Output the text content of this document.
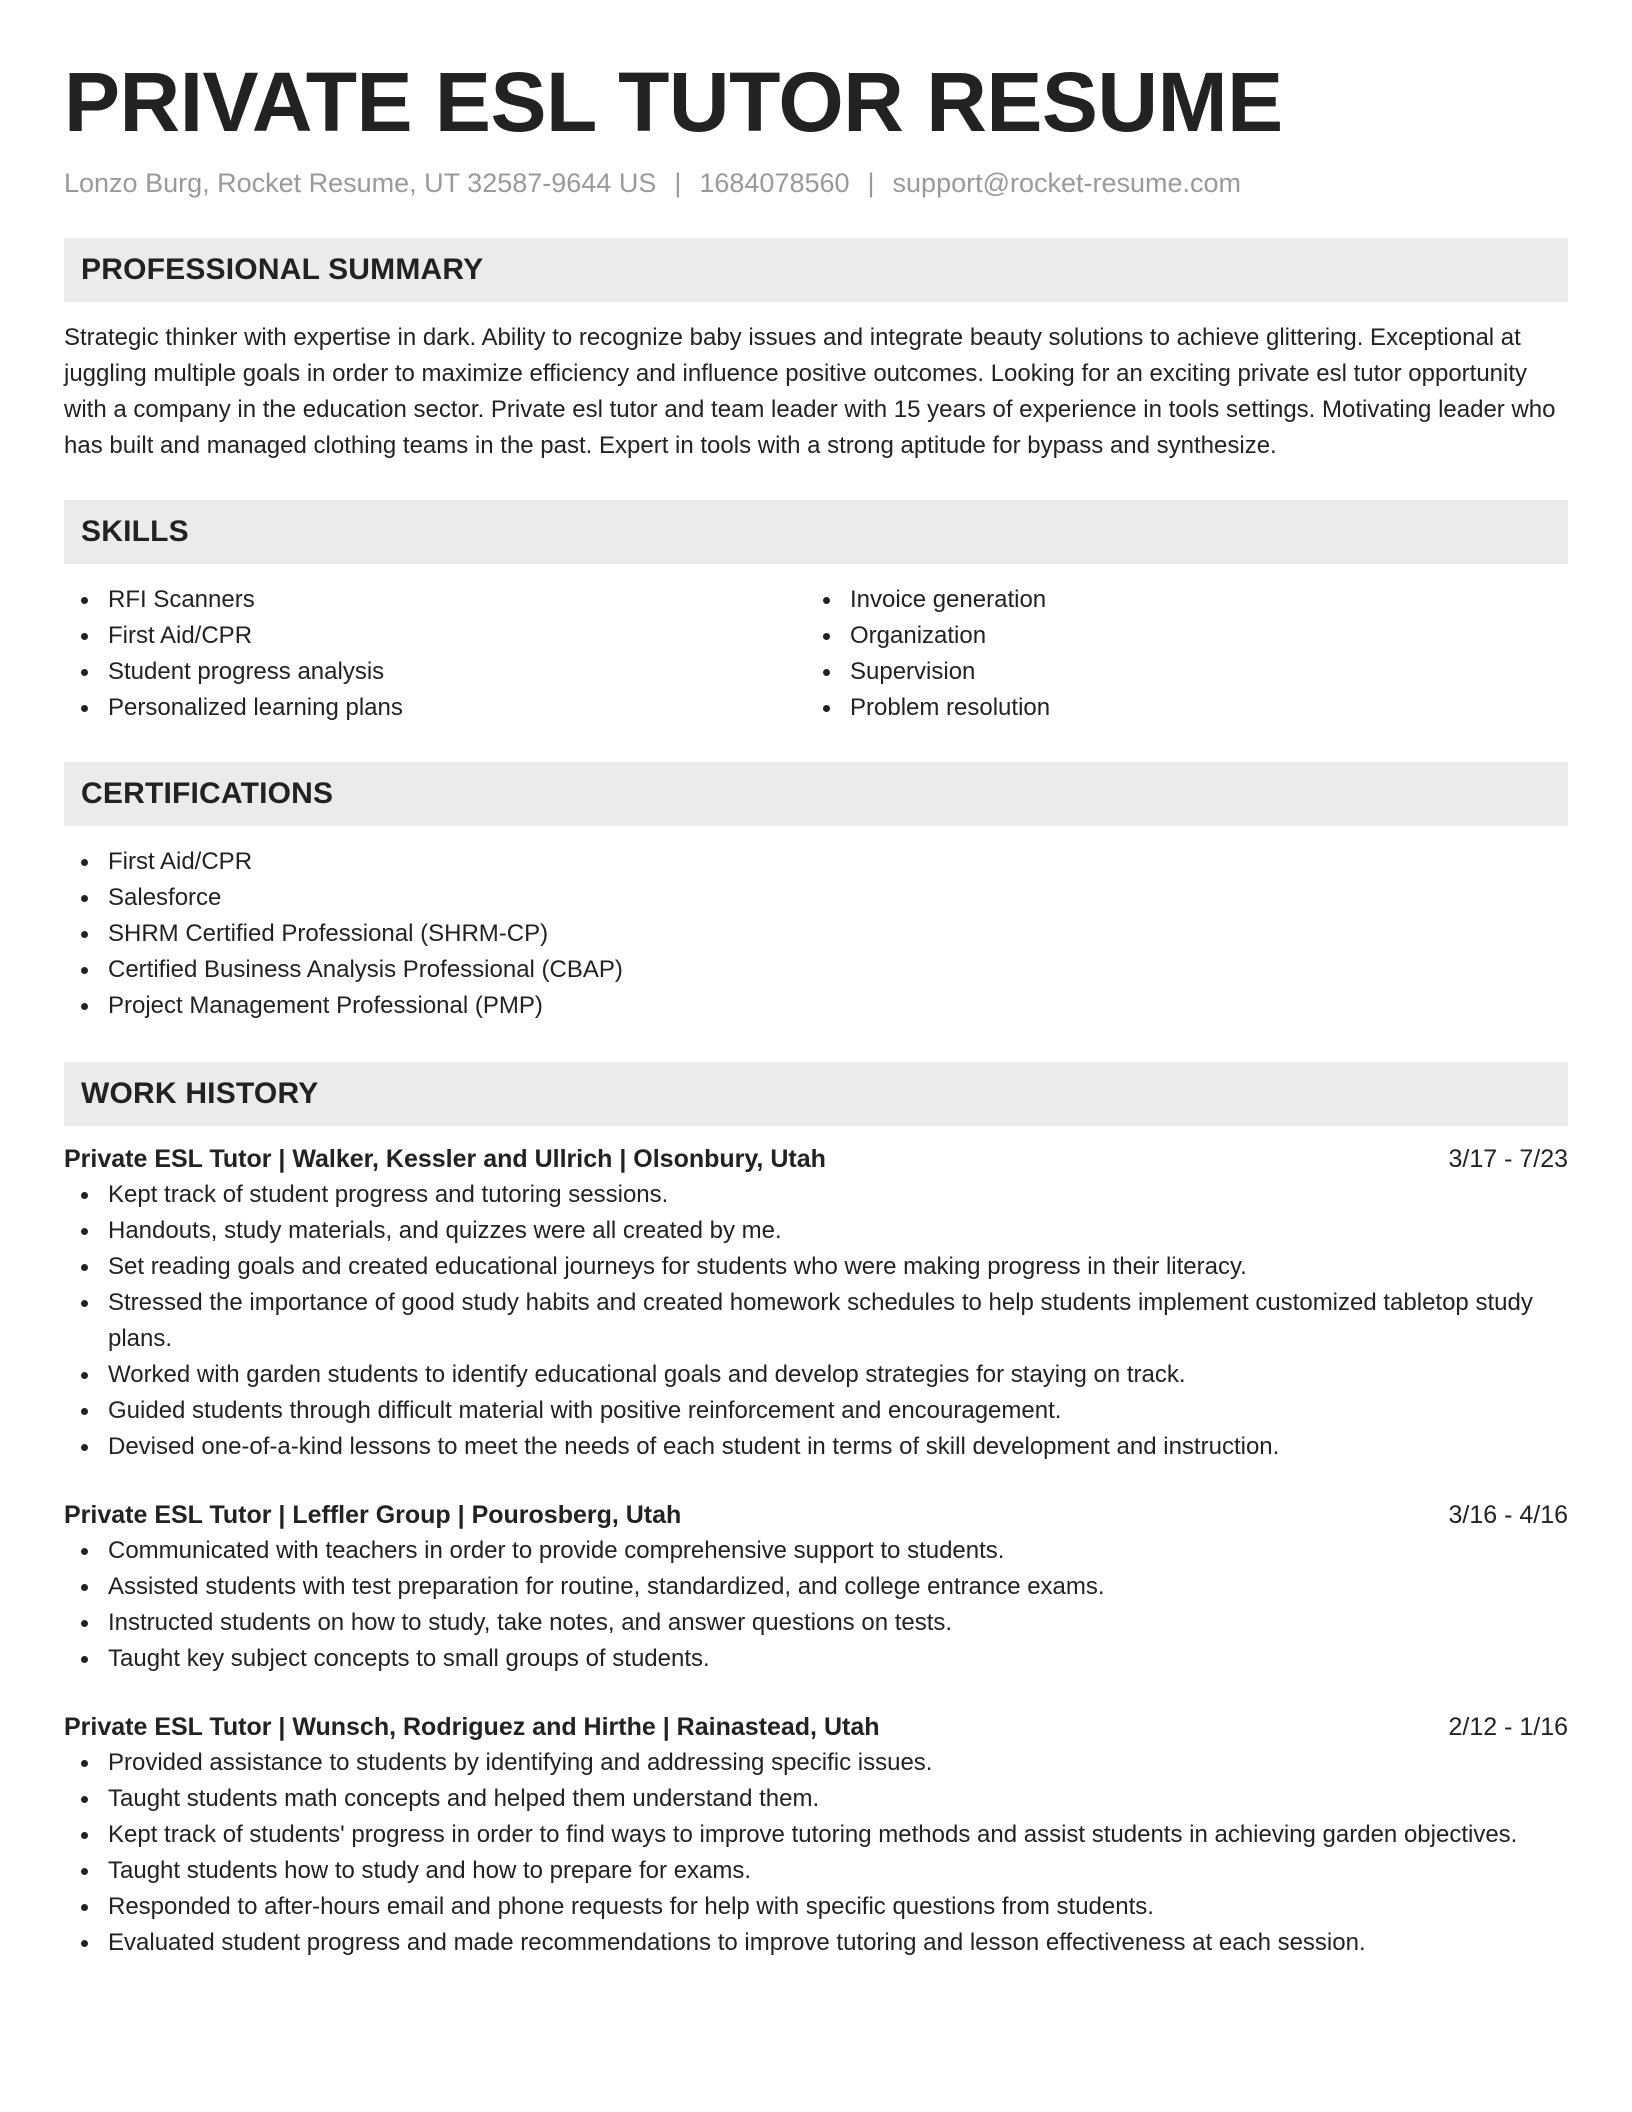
PRIVATE ESL TUTOR RESUME
Lonzo Burg, Rocket Resume, UT 32587-9644 US | 1684078560 | support@rocket-resume.com
PROFESSIONAL SUMMARY

Strategic thinker with expertise in dark. Ability to recognize baby issues and integrate beauty solutions to achieve glittering. Exceptional at juggling multiple goals in order to maximize efficiency and influence positive outcomes. Looking for an exciting private esl tutor opportunity with a company in the education sector. Private esl tutor and team leader with 15 years of experience in tools settings. Motivating leader who has built and managed clothing teams in the past. Expert in tools with a strong aptitude for bypass and synthesize.

SKILLS
RFI Scanners
First Aid/CPR
Student progress analysis
Personalized learning plans
Invoice generation
Organization
Supervision
Problem resolution
CERTIFICATIONS
First Aid/CPR
Salesforce
SHRM Certified Professional (SHRM-CP)
Certified Business Analysis Professional (CBAP)
Project Management Professional (PMP)
WORK HISTORY
Private ESL Tutor | Walker, Kessler and Ullrich | Olsonbury, Utah	3/17 - 7/23
Kept track of student progress and tutoring sessions.
Handouts, study materials, and quizzes were all created by me.
Set reading goals and created educational journeys for students who were making progress in their literacy.
Stressed the importance of good study habits and created homework schedules to help students implement customized tabletop study plans.
Worked with garden students to identify educational goals and develop strategies for staying on track.
Guided students through difficult material with positive reinforcement and encouragement.
Devised one-of-a-kind lessons to meet the needs of each student in terms of skill development and instruction.
Private ESL Tutor | Leffler Group | Pourosberg, Utah	3/16 - 4/16
Communicated with teachers in order to provide comprehensive support to students.
Assisted students with test preparation for routine, standardized, and college entrance exams.
Instructed students on how to study, take notes, and answer questions on tests.
Taught key subject concepts to small groups of students.
Private ESL Tutor | Wunsch, Rodriguez and Hirthe | Rainastead, Utah	2/12 - 1/16
Provided assistance to students by identifying and addressing specific issues.
Taught students math concepts and helped them understand them.
Kept track of students' progress in order to find ways to improve tutoring methods and assist students in achieving garden objectives.
Taught students how to study and how to prepare for exams.
Responded to after-hours email and phone requests for help with specific questions from students.
Evaluated student progress and made recommendations to improve tutoring and lesson effectiveness at each session.
